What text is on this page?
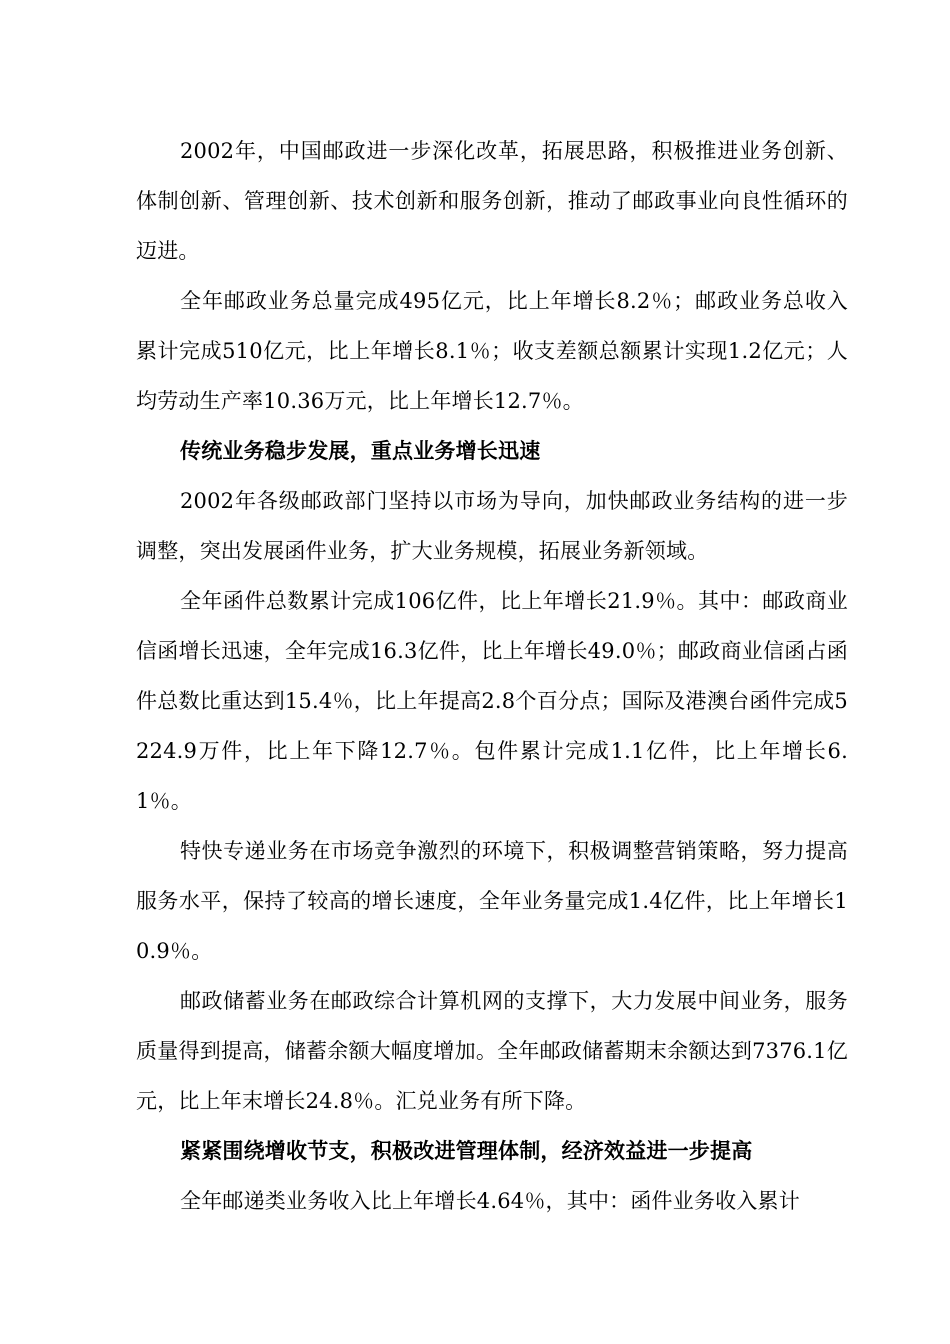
2002年，中国邮政进一步深化改革，拓展思路，积极推进业务创新、体制创新、管理创新、技术创新和服务创新，推动了邮政事业向良性循环的迈进。

全年邮政业务总量完成495亿元，比上年增长8.2％；邮政业务总收入累计完成510亿元，比上年增长8.1％；收支差额总额累计实现1.2亿元；人均劳动生产率10.36万元，比上年增长12.7％。

传统业务稳步发展，重点业务增长迅速

2002年各级邮政部门坚持以市场为导向，加快邮政业务结构的进一步调整，突出发展函件业务，扩大业务规模，拓展业务新领域。

全年函件总数累计完成106亿件，比上年增长21.9％。其中：邮政商业信函增长迅速，全年完成16.3亿件，比上年增长49.0％；邮政商业信函占函件总数比重达到15.4％，比上年提高2.8个百分点；国际及港澳台函件完成5224.9万件，比上年下降12.7％。包件累计完成1.1亿件，比上年增长6.1％。

特快专递业务在市场竞争激烈的环境下，积极调整营销策略，努力提高服务水平，保持了较高的增长速度，全年业务量完成1.4亿件，比上年增长10.9％。

邮政储蓄业务在邮政综合计算机网的支撑下，大力发展中间业务，服务质量得到提高，储蓄余额大幅度增加。全年邮政储蓄期末余额达到7376.1亿元，比上年末增长24.8％。汇兑业务有所下降。

紧紧围绕增收节支，积极改进管理体制，经济效益进一步提高

全年邮递类业务收入比上年增长4.64％，其中：函件业务收入累计
